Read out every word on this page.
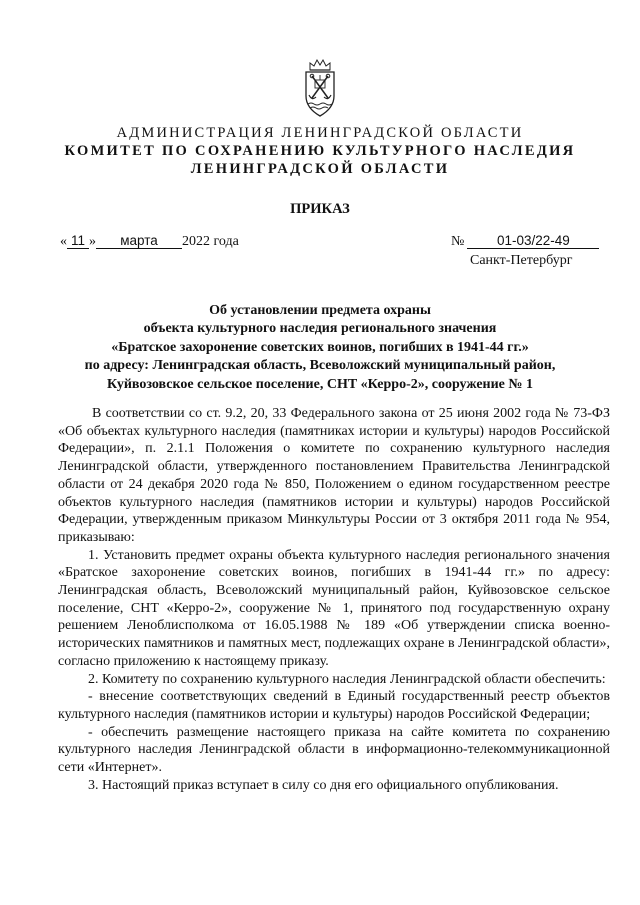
АДМИНИСТРАЦИЯ ЛЕНИНГРАДСКОЙ ОБЛАСТИ
КОМИТЕТ ПО СОХРАНЕНИЮ КУЛЬТУРНОГО НАСЛЕДИЯ
ЛЕНИНГРАДСКОЙ ОБЛАСТИ
ПРИКАЗ
« 11 » марта 2022 года	№ 01-03/22-49
Санкт-Петербург
Об установлении предмета охраны
объекта культурного наследия регионального значения
«Братское захоронение советских воинов, погибших в 1941-44 гг.»
по адресу: Ленинградская область, Всеволожский муниципальный район,
Куйвозовское сельское поселение, СНТ «Керро-2», сооружение № 1

В соответствии со ст. 9.2, 20, 33 Федерального закона от 25 июня 2002 года № 73-ФЗ «Об объектах культурного наследия (памятниках истории и культуры) народов Российской Федерации», п. 2.1.1 Положения о комитете по сохранению культурного наследия Ленинградской области, утвержденного постановлением Правительства Ленинградской области от 24 декабря 2020 года № 850, Положением о едином государственном реестре объектов культурного наследия (памятников истории и культуры) народов Российской Федерации, утвержденным приказом Минкультуры России от 3 октября 2011 года № 954, приказываю:

1. Установить предмет охраны объекта культурного наследия регионального значения «Братское захоронение советских воинов, погибших в 1941-44 гг.» по адресу: Ленинградская область, Всеволожский муниципальный район, Куйвозовское сельское поселение, СНТ «Керро-2», сооружение № 1, принятого под государственную охрану решением Леноблисполкома от 16.05.1988 № 189 «Об утверждении списка военно-исторических памятников и памятных мест, подлежащих охране в Ленинградской области», согласно приложению к настоящему приказу.

2. Комитету по сохранению культурного наследия Ленинградской области обеспечить:

- внесение соответствующих сведений в Единый государственный реестр объектов культурного наследия (памятников истории и культуры) народов Российской Федерации;

- обеспечить размещение настоящего приказа на сайте комитета по сохранению культурного наследия Ленинградской области в информационно-телекоммуникационной сети «Интернет».

3. Настоящий приказ вступает в силу со дня его официального опубликования.
